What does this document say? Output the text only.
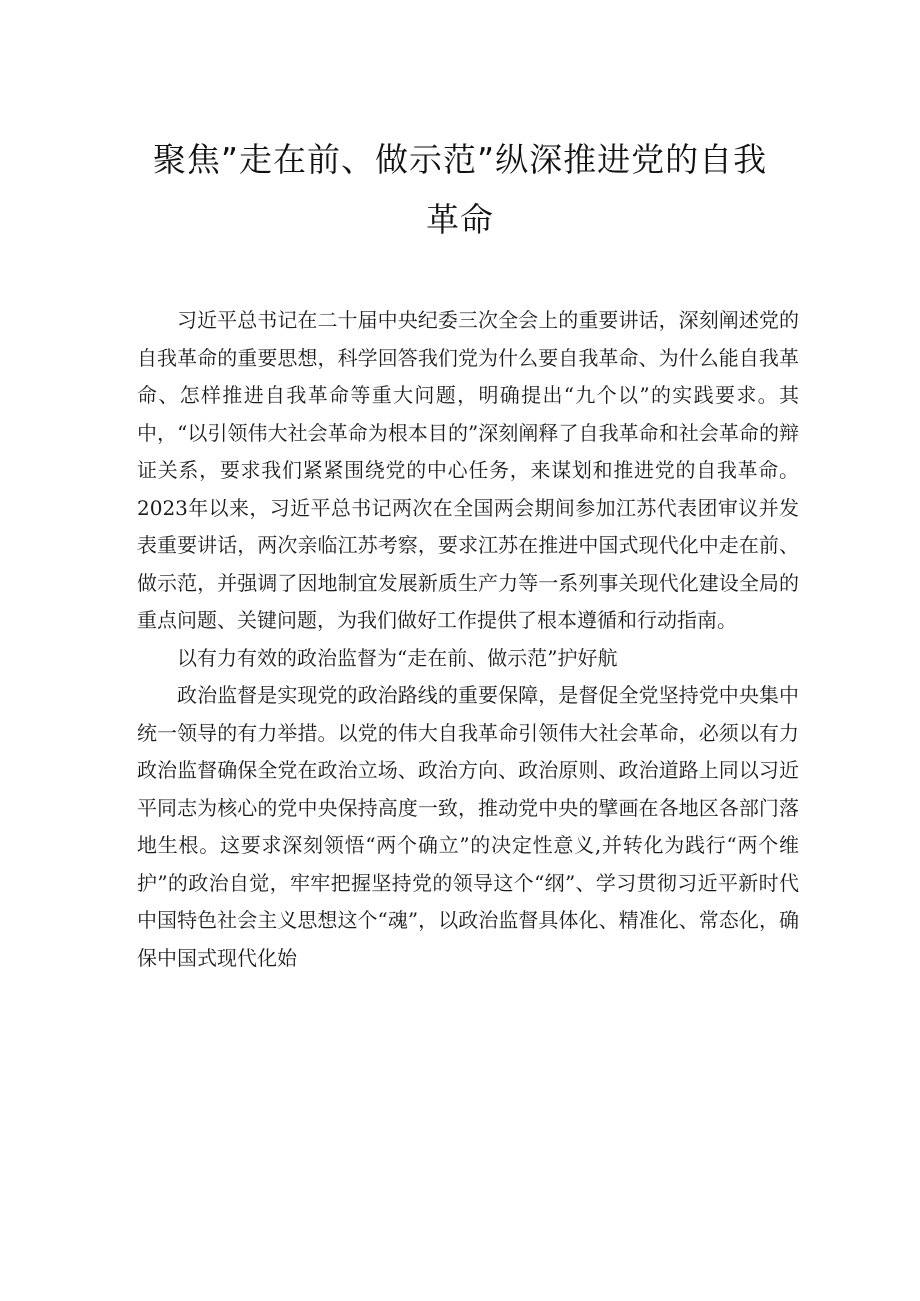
聚焦”走在前、做示范”纵深推进党的自我
革命

习近平总书记在二十届中央纪委三次全会上的重要讲话，深刻阐述党的自我革命的重要思想，科学回答我们党为什么要自我革命、为什么能自我革命、怎样推进自我革命等重大问题，明确提出“九个以”的实践要求。其中，“以引领伟大社会革命为根本目的”深刻阐释了自我革命和社会革命的辩证关系，要求我们紧紧围绕党的中心任务，来谋划和推进党的自我革命。2023年以来，习近平总书记两次在全国两会期间参加江苏代表团审议并发表重要讲话，两次亲临江苏考察，要求江苏在推进中国式现代化中走在前、做示范，并强调了因地制宜发展新质生产力等一系列事关现代化建设全局的重点问题、关键问题，为我们做好工作提供了根本遵循和行动指南。

以有力有效的政治监督为“走在前、做示范”护好航

政治监督是实现党的政治路线的重要保障，是督促全党坚持党中央集中统一领导的有力举措。以党的伟大自我革命引领伟大社会革命，必须以有力政治监督确保全党在政治立场、政治方向、政治原则、政治道路上同以习近平同志为核心的党中央保持高度一致，推动党中央的擘画在各地区各部门落地生根。这要求深刻领悟“两个确立”的决定性意义,并转化为践行“两个维护”的政治自觉，牢牢把握坚持党的领导这个“纲”、学习贯彻习近平新时代中国特色社会主义思想这个“魂”，以政治监督具体化、精准化、常态化，确保中国式现代化始
